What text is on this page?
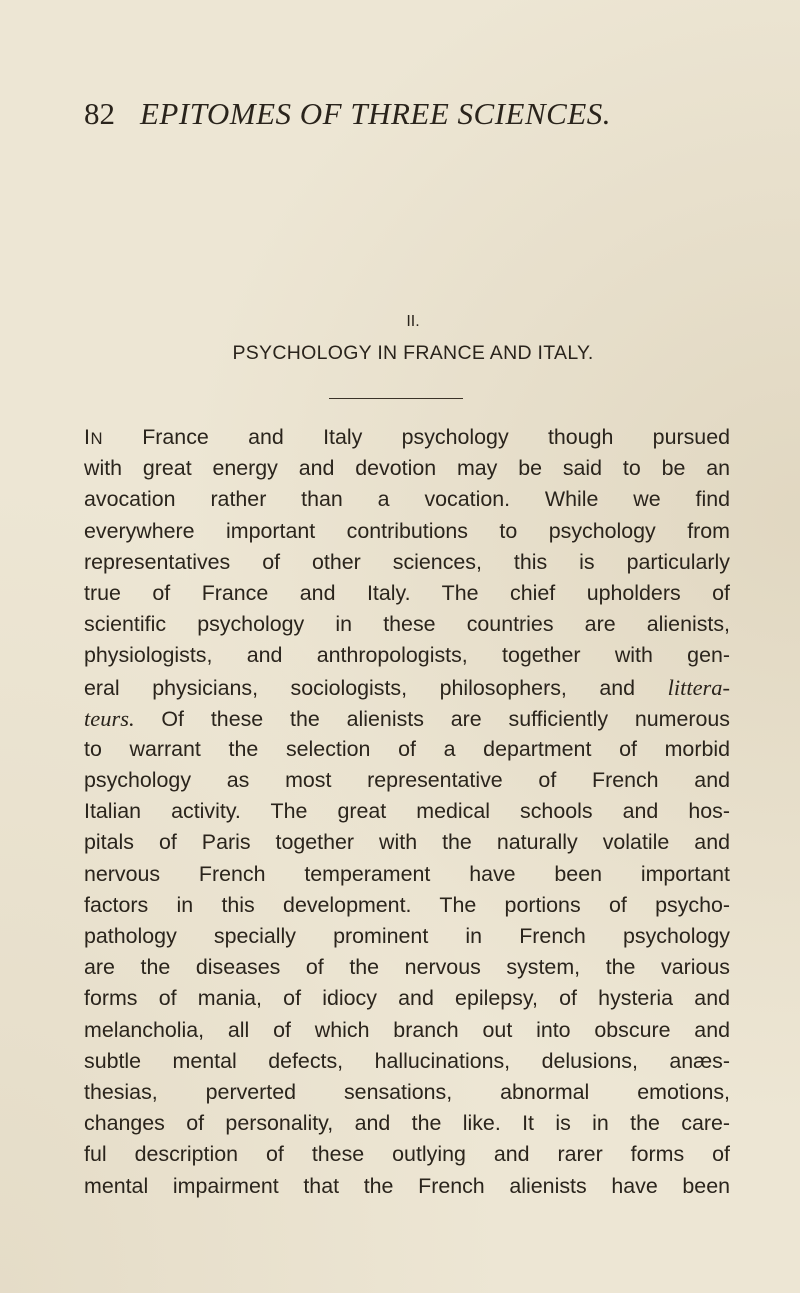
82 EPITOMES OF THREE SCIENCES.
II.
PSYCHOLOGY IN FRANCE AND ITALY.
IN France and Italy psychology though pursued
with great energy and devotion may be said to be an
avocation rather than a vocation. While we find
everywhere important contributions to psychology from
representatives of other sciences, this is particularly
true of France and Italy. The chief upholders of
scientific psychology in these countries are alienists,
physiologists, and anthropologists, together with gen-
eral physicians, sociologists, philosophers, and littera-
teurs. Of these the alienists are sufficiently numerous
to warrant the selection of a department of morbid
psychology as most representative of French and
Italian activity. The great medical schools and hos-
pitals of Paris together with the naturally volatile and
nervous French temperament have been important
factors in this development. The portions of psycho-
pathology specially prominent in French psychology
are the diseases of the nervous system, the various
forms of mania, of idiocy and epilepsy, of hysteria and
melancholia, all of which branch out into obscure and
subtle mental defects, hallucinations, delusions, anæs-
thesias, perverted sensations, abnormal emotions,
changes of personality, and the like. It is in the care-
ful description of these outlying and rarer forms of
mental impairment that the French alienists have been
